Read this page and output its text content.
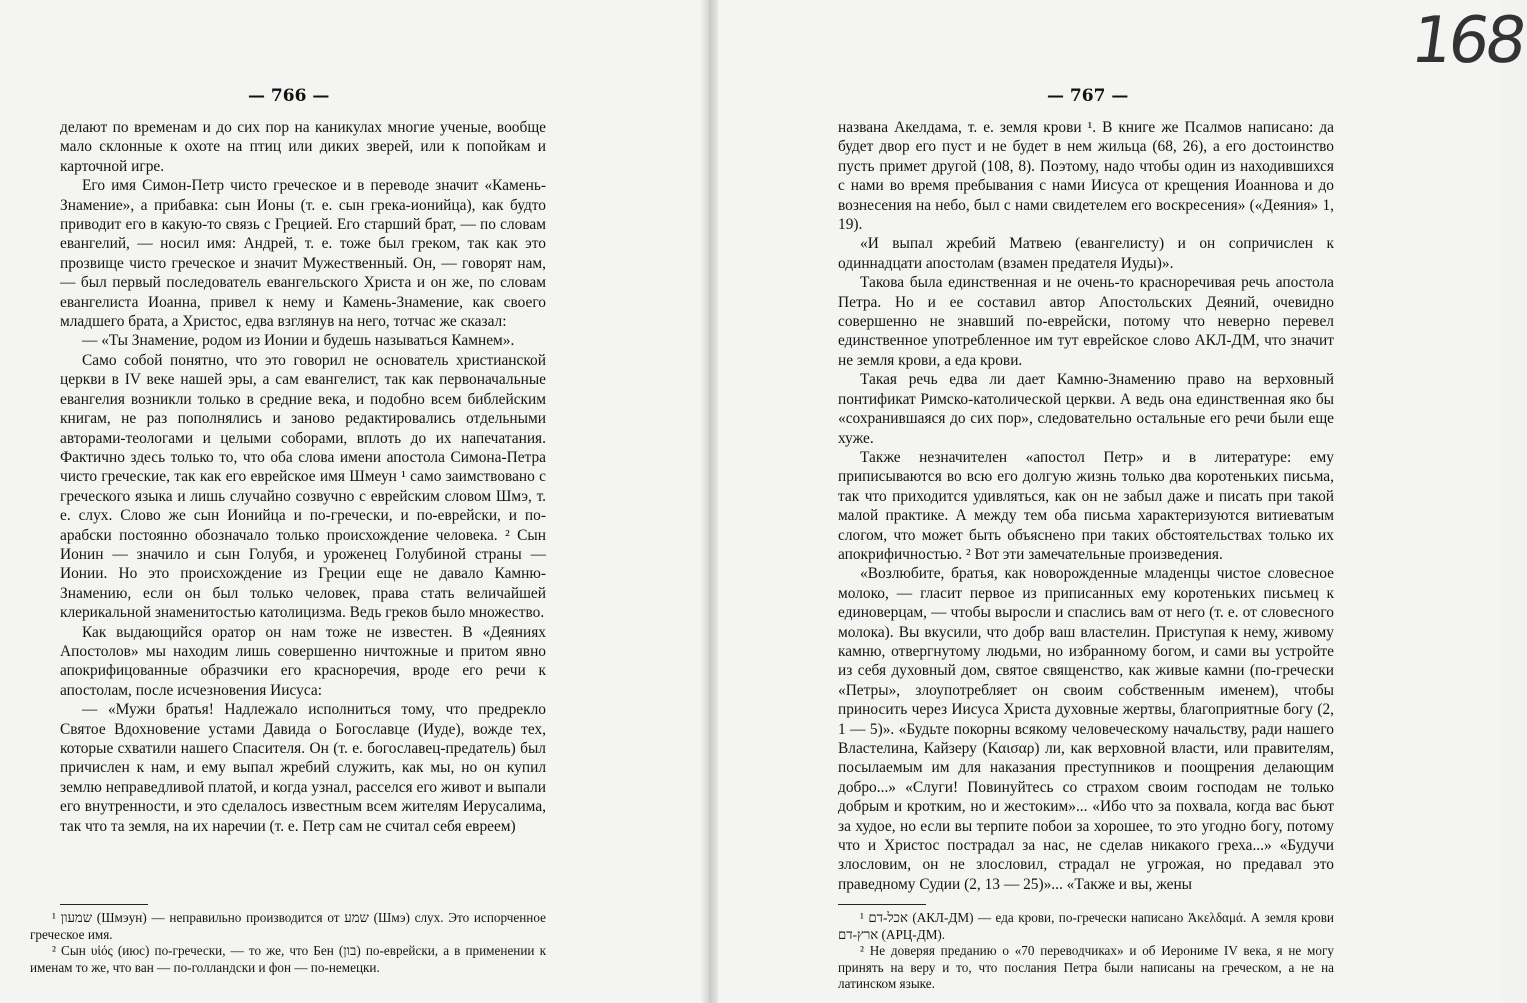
— 766 —

делают по временам и до сих пор на каникулах многие ученые, вообще мало склонные к охоте на птиц или диких зверей, или к попойкам и карточной игре.

Его имя Симон-Петр чисто греческое и в переводе значит «Камень-Знамение», а прибавка: сын Ионы (т. е. сын грека-ионийца), как будто приводит его в какую-то связь с Грецией. Его старший брат, — по словам евангелий, — носил имя: Андрей, т. е. тоже был греком, так как это прозвище чисто греческое и значит Мужественный. Он, — говорят нам, — был первый последователь евангельского Христа и он же, по словам евангелиста Иоанна, привел к нему и Камень-Знамение, как своего младшего брата, а Христос, едва взглянув на него, тотчас же сказал:

— «Ты Знамение, родом из Ионии и будешь называться Камнем».

Само собой понятно, что это говорил не основатель христианской церкви в IV веке нашей эры, а сам евангелист, так как первоначальные евангелия возникли только в средние века, и подобно всем библейским книгам, не раз пополнялись и заново редактировались отдельными авторами-теологами и целыми соборами, вплоть до их напечатания. Фактично здесь только то, что оба слова имени апостола Симона-Петра чисто греческие, так как его еврейское имя Шмеун ¹ само заимствовано с греческого языка и лишь случайно созвучно с еврейским словом Шмэ, т. е. слух. Слово же сын Ионийца и по-гречески, и по-еврейски, и по-арабски постоянно обозначало только происхождение человека. ² Сын Ионин — значило и сын Голубя, и уроженец Голубиной страны — Ионии. Но это происхождение из Греции еще не давало Камню-Знамению, если он был только человек, права стать величайшей клерикальной знаменитостью католицизма. Ведь греков было множество.

Как выдающийся оратор он нам тоже не известен. В «Деяниях Апостолов» мы находим лишь совершенно ничтожные и притом явно апокрифицованные образчики его красноречия, вроде его речи к апостолам, после исчезновения Иисуса:

— «Мужи братья! Надлежало исполниться тому, что предрекло Святое Вдохновение устами Давида о Богославце (Иуде), вожде тех, которые схватили нашего Спасителя. Он (т. е. богославец-предатель) был причислен к нам, и ему выпал жребий служить, как мы, но он купил землю неправедливой платой, и когда узнал, расселся его живот и выпали его внутренности, и это сделалось известным всем жителям Иерусалима, так что та земля, на их наречии (т. е. Петр сам не считал себя евреем)

¹ שמעון (Шмэун) — неправильно производится от שמע (Шмэ) слух. Это испорченное греческое имя.

² Сын υἱός (июс) по-гречески, — то же, что Бен (בון) по-еврейски, а в применении к именам то же, что ван — по-голландски и фон — по-немецки.

— 767 —
168

названа Акелдама, т. е. земля крови ¹. В книге же Псалмов написано: да будет двор его пуст и не будет в нем жильца (68, 26), а его достоинство пусть примет другой (108, 8). Поэтому, надо чтобы один из находившихся с нами во время пребывания с нами Иисуса от крещения Иоаннова и до вознесения на небо, был с нами свидетелем его воскресения» («Деяния» 1, 19).

«И выпал жребий Матвею (евангелисту) и он сопричислен к одиннадцати апостолам (взамен предателя Иуды)».

Такова была единственная и не очень-то красноречивая речь апостола Петра. Но и ее составил автор Апостольских Деяний, очевидно совершенно не знавший по-еврейски, потому что неверно перевел единственное употребленное им тут еврейское слово АКЛ-ДМ, что значит не земля крови, а еда крови.

Такая речь едва ли дает Камню-Знамению право на верховный понтификат Римско-католической церкви. А ведь она единственная яко бы «сохранившаяся до сих пор», следовательно остальные его речи были еще хуже.

Также незначителен «апостол Петр» и в литературе: ему приписываются во всю его долгую жизнь только два коротеньких письма, так что приходится удивляться, как он не забыл даже и писать при такой малой практике. А между тем оба письма характеризуются витиеватым слогом, что может быть объяснено при таких обстоятельствах только их апокрифичностью. ² Вот эти замечательные произведения.

«Возлюбите, братья, как новорожденные младенцы чистое словесное молоко, — гласит первое из приписанных ему коротеньких письмец к единоверцам, — чтобы выросли и спаслись вам от него (т. е. от словесного молока). Вы вкусили, что добр ваш властелин. Приступая к нему, живому камню, отвергнутому людьми, но избранному богом, и сами вы устройте из себя духовный дом, святое священство, как живые камни (по-гречески «Петры», злоупотребляет он своим собственным именем), чтобы приносить через Иисуса Христа духовные жертвы, благоприятные богу (2, 1 — 5)». «Будьте покорны всякому человеческому начальству, ради нашего Властелина, Кайзеру (Καισαρ) ли, как верховной власти, или правителям, посылаемым им для наказания преступников и поощрения делающим добро...» «Слуги! Повинуйтесь со страхом своим господам не только добрым и кротким, но и жестоким»... «Ибо что за похвала, когда вас бьют за худое, но если вы терпите побои за хорошее, то это угодно богу, потому что и Христос пострадал за нас, не сделав никакого греха...» «Будучи злословим, он не злословил, страдал не угрожая, но предавал это праведному Судии (2, 13 — 25)»... «Также и вы, жены

¹ אכל-דם (АКЛ-ДМ) — еда крови, по-гречески написано Ἀκελδαμά. А земля крови ארץ-דם (АРЦ-ДМ).

² Не доверяя преданию о «70 переводчиках» и об Иерониме IV века, я не могу принять на веру и то, что послания Петра были написаны на греческом, а не на латинском языке.
